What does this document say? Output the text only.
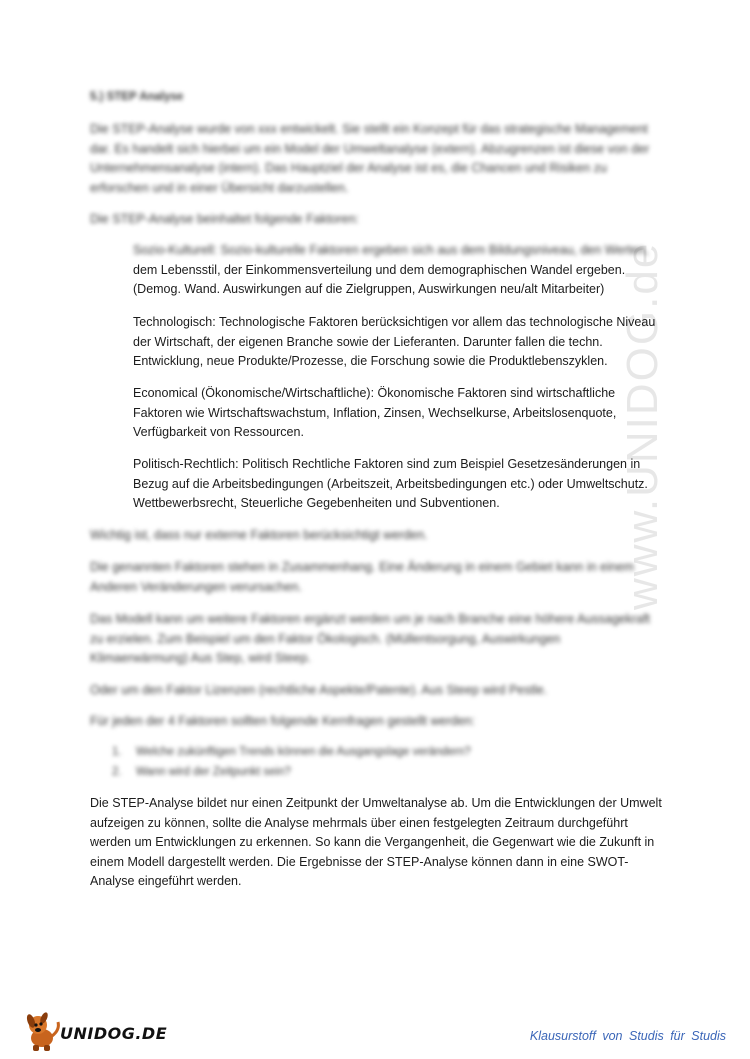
www.UNIDOG.de
5.) STEP Analyse
Die STEP-Analyse wurde von xxx entwickelt. Sie stellt ein Konzept für das strategische Management dar. Es handelt sich hierbei um ein Model der Umweltanalyse (extern). Abzugrenzen ist diese von der Unternehmensanalyse (intern). Das Hauptziel der Analyse ist es, die Chancen und Risiken zu erforschen und in einer Übersicht darzustellen.
Die STEP-Analyse beinhaltet folgende Faktoren:
Sozio-Kulturell: Sozio-kulturelle Faktoren ergeben sich aus dem Bildungsniveau, den Werten,
dem Lebensstil, der Einkommensverteilung und dem demographischen Wandel ergeben. (Demog. Wand. Auswirkungen auf die Zielgruppen, Auswirkungen neu/alt Mitarbeiter)
Technologisch: Technologische Faktoren berücksichtigen vor allem das technologische Niveau der Wirtschaft, der eigenen Branche sowie der Lieferanten. Darunter fallen die techn. Entwicklung, neue Produkte/Prozesse, die Forschung sowie die Produktlebenszyklen.
Economical (Ökonomische/Wirtschaftliche): Ökonomische Faktoren sind wirtschaftliche Faktoren wie Wirtschaftswachstum, Inflation, Zinsen, Wechselkurse, Arbeitslosenquote, Verfügbarkeit von Ressourcen.
Politisch-Rechtlich: Politisch Rechtliche Faktoren sind zum Beispiel Gesetzesänderungen in Bezug auf die Arbeitsbedingungen (Arbeitszeit, Arbeitsbedingungen etc.) oder Umweltschutz. Wettbewerbsrecht, Steuerliche Gegebenheiten und Subventionen.
Wichtig ist, dass nur externe Faktoren berücksichtigt werden.
Die genannten Faktoren stehen in Zusammenhang. Eine Änderung in einem Gebiet kann in einem Anderen Veränderungen verursachen.
Das Modell kann um weitere Faktoren ergänzt werden um je nach Branche eine höhere Aussagekraft zu erzielen. Zum Beispiel um den Faktor Ökologisch. (Müllentsorgung, Auswirkungen Klimaerwärmung) Aus Step, wird Steep.
Oder um den Faktor Lizenzen (rechtliche Aspekte/Patente). Aus Steep wird Pestle.
Für jeden der 4 Faktoren sollten folgende Kernfragen gestellt werden:
1. Welche zukünftigen Trends können die Ausgangslage verändern?
2. Wann wird der Zeitpunkt sein?
Die STEP-Analyse bildet nur einen Zeitpunkt der Umweltanalyse ab. Um die Entwicklungen der Umwelt aufzeigen zu können, sollte die Analyse mehrmals über einen festgelegten Zeitraum durchgeführt werden um Entwicklungen zu erkennen. So kann die Vergangenheit, die Gegenwart wie die Zukunft in einem Modell dargestellt werden. Die Ergebnisse der STEP-Analyse können dann in eine SWOT-Analyse eingeführt werden.
UNIDOG.DE	Klausurstoff von Studis für Studis
